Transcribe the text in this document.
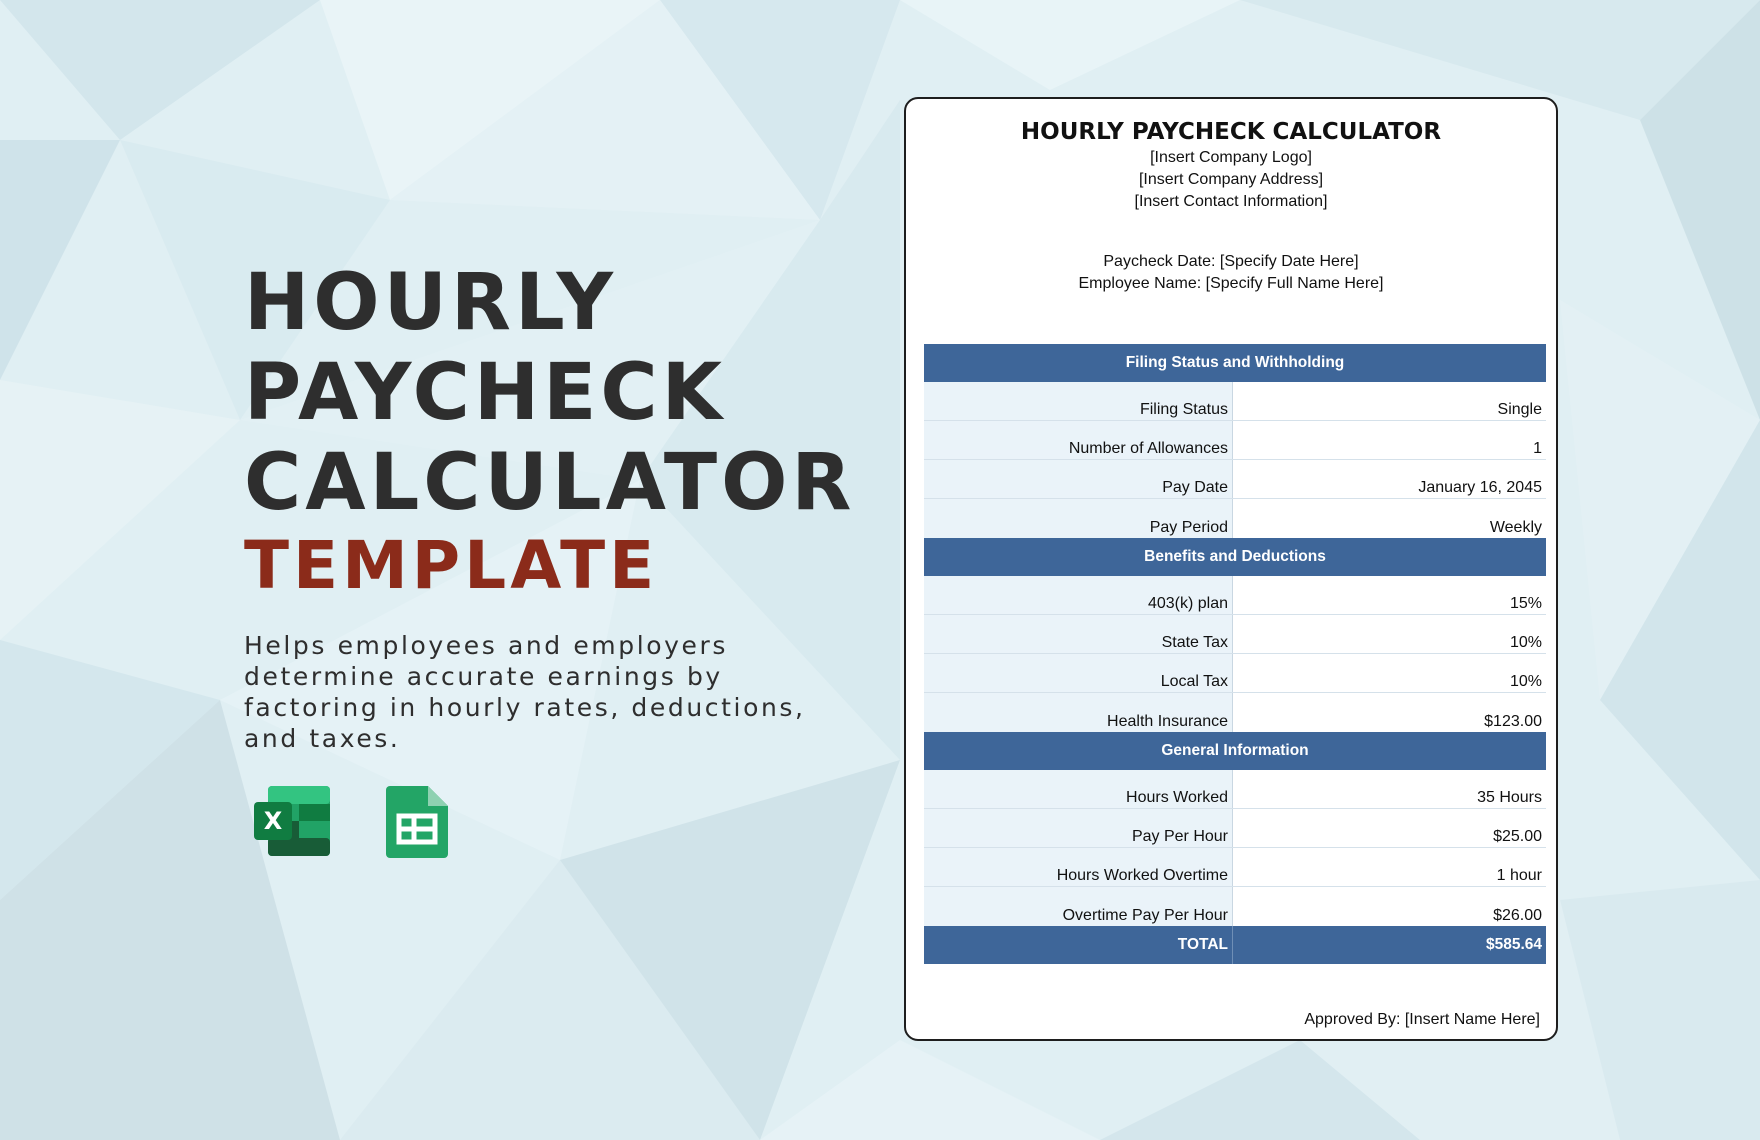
HOURLY
PAYCHECK
CALCULATOR
TEMPLATE
Helps employees and employers determine accurate earnings by factoring in hourly rates, deductions, and taxes.
X
HOURLY PAYCHECK CALCULATOR
[Insert Company Logo]
[Insert Company Address]
[Insert Contact Information]
Paycheck Date: [Specify Date Here]
Employee Name: [Specify Full Name Here]
Filing Status and Withholding
Filing Status	Single
Number of Allowances	1
Pay Date	January 16, 2045
Pay Period	Weekly
Benefits and Deductions
403(k) plan	15%
State Tax	10%
Local Tax	10%
Health Insurance	$123.00
General Information
Hours Worked	35 Hours
Pay Per Hour	$25.00
Hours Worked Overtime	1 hour
Overtime Pay Per Hour	$26.00
TOTAL	$585.64
Approved By: [Insert Name Here]
